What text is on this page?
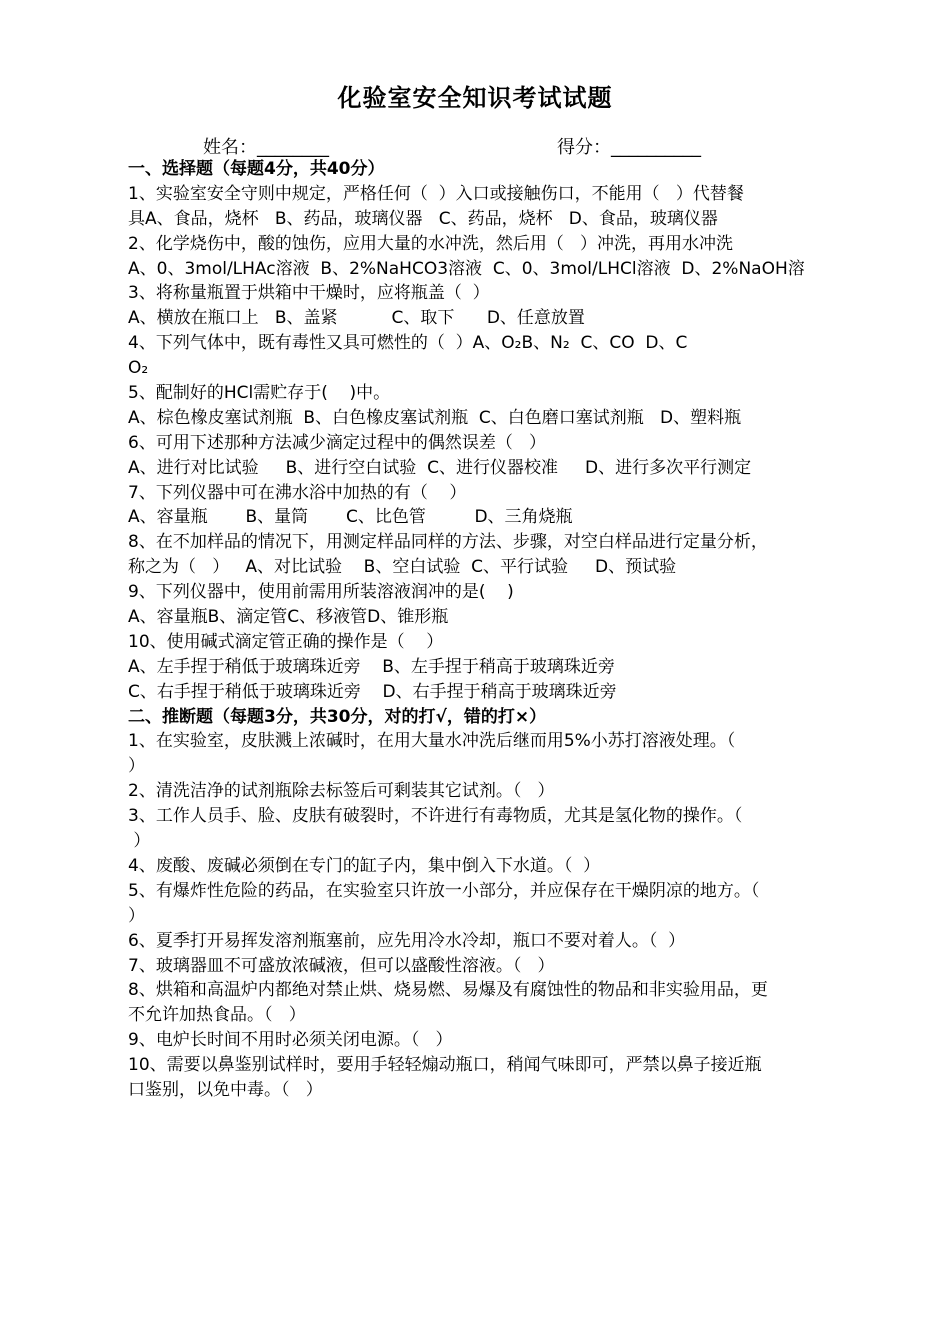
化验室安全知识考试试题
姓名：________	得分：__________
一、选择题（每题4分，共40分）
1、实验室安全守则中规定，严格任何（  ）入口或接触伤口，不能用（   ）代替餐
具A、食品，烧杯   B、药品，玻璃仪器   C、药品，烧杯   D、食品，玻璃仪器
2、化学烧伤中，酸的蚀伤，应用大量的水冲洗，然后用（   ）冲洗，再用水冲洗
A、0、3mol/LHAc溶液  B、2%NaHCO3溶液  C、0、3mol/LHCl溶液  D、2%NaOH溶
3、将称量瓶置于烘箱中干燥时，应将瓶盖（  ）
A、横放在瓶口上   B、盖紧          C、取下      D、任意放置
4、下列气体中，既有毒性又具可燃性的（  ）A、O₂B、N₂  C、CO  D、C
O₂
5、配制好的HCl需贮存于(    )中。
A、棕色橡皮塞试剂瓶  B、白色橡皮塞试剂瓶  C、白色磨口塞试剂瓶   D、塑料瓶
6、可用下述那种方法减少滴定过程中的偶然误差（   ）
A、进行对比试验     B、进行空白试验  C、进行仪器校准     D、进行多次平行测定
7、下列仪器中可在沸水浴中加热的有（    ）
A、容量瓶       B、量筒       C、比色管         D、三角烧瓶
8、在不加样品的情况下，用测定样品同样的方法、步骤，对空白样品进行定量分析，
称之为（   ）   A、对比试验    B、空白试验  C、平行试验     D、预试验
9、下列仪器中，使用前需用所装溶液润冲的是(    )
A、容量瓶B、滴定管C、移液管D、锥形瓶
10、使用碱式滴定管正确的操作是（    ）
A、左手捏于稍低于玻璃珠近旁    B、左手捏于稍高于玻璃珠近旁
C、右手捏于稍低于玻璃珠近旁    D、右手捏于稍高于玻璃珠近旁
二、推断题（每题3分，共30分，对的打√，错的打×）
1、在实验室，皮肤溅上浓碱时，在用大量水冲洗后继而用5%小苏打溶液处理。（
）
2、清洗洁净的试剂瓶除去标签后可剩装其它试剂。（   ）
3、工作人员手、脸、皮肤有破裂时，不许进行有毒物质，尤其是氢化物的操作。（
）
4、废酸、废碱必须倒在专门的缸子内，集中倒入下水道。（  ）
5、有爆炸性危险的药品，在实验室只许放一小部分，并应保存在干燥阴凉的地方。（
）
6、夏季打开易挥发溶剂瓶塞前，应先用冷水冷却，瓶口不要对着人。（  ）
7、玻璃器皿不可盛放浓碱液，但可以盛酸性溶液。（   ）
8、烘箱和高温炉内都绝对禁止烘、烧易燃、易爆及有腐蚀性的物品和非实验用品，更
不允许加热食品。（   ）
9、电炉长时间不用时必须关闭电源。（   ）
10、需要以鼻鉴别试样时，要用手轻轻煽动瓶口，稍闻气味即可，严禁以鼻子接近瓶
口鉴别，以免中毒。（   ）
